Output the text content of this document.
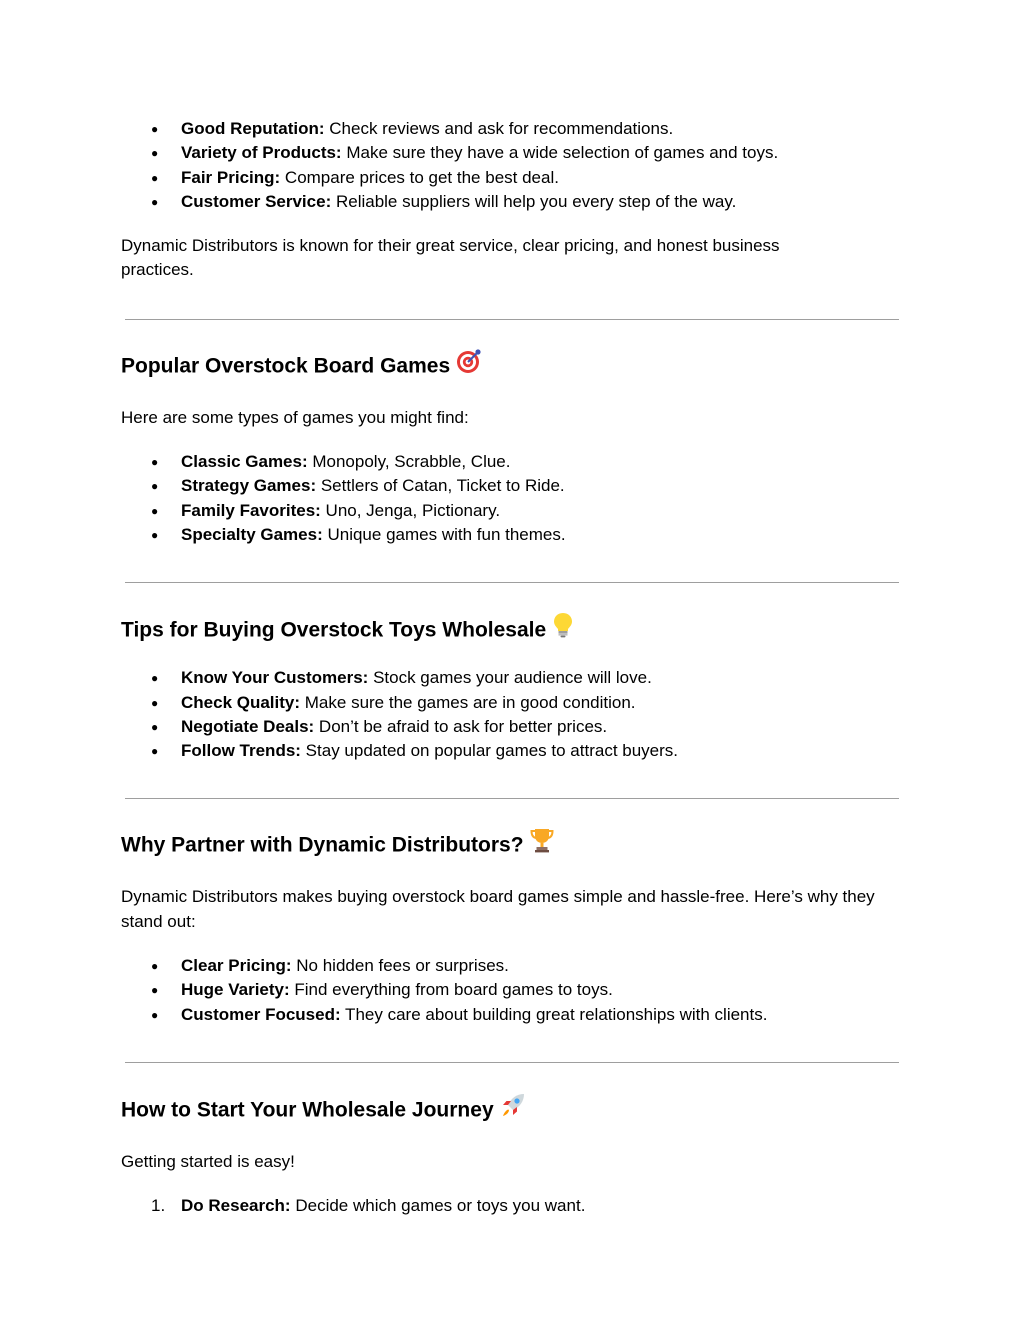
● Good Reputation: Check reviews and ask for recommendations.
● Variety of Products: Make sure they have a wide selection of games and toys.
● Fair Pricing: Compare prices to get the best deal.
● Customer Service: Reliable suppliers will help you every step of the way.

Dynamic Distributors is known for their great service, clear pricing, and honest business practices.

Popular Overstock Board Games

Here are some types of games you might find:

● Classic Games: Monopoly, Scrabble, Clue.
● Strategy Games: Settlers of Catan, Ticket to Ride.
● Family Favorites: Uno, Jenga, Pictionary.
● Specialty Games: Unique games with fun themes.
Tips for Buying Overstock Toys Wholesale
● Know Your Customers: Stock games your audience will love.
● Check Quality: Make sure the games are in good condition.
● Negotiate Deals: Don’t be afraid to ask for better prices.
● Follow Trends: Stay updated on popular games to attract buyers.
Why Partner with Dynamic Distributors?

Dynamic Distributors makes buying overstock board games simple and hassle-free. Here’s why they stand out:

● Clear Pricing: No hidden fees or surprises.
● Huge Variety: Find everything from board games to toys.
● Customer Focused: They care about building great relationships with clients.
How to Start Your Wholesale Journey

Getting started is easy!

1. Do Research: Decide which games or toys you want.
